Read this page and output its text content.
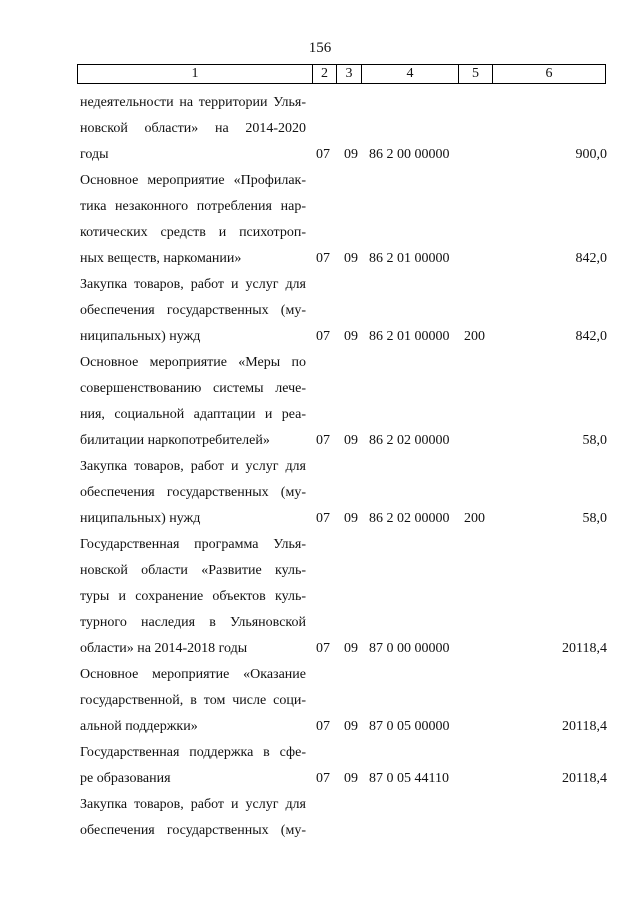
156
1	2	3	4	5	6
недеятельности на территории Улья-
новской области» на 2014-2020
годы	07 09 86 2 00 00000	900,0
Основное мероприятие «Профилак-
тика незаконного потребления нар-
котических средств и психотроп-
ных веществ, наркомании»	07 09 86 2 01 00000	842,0
Закупка товаров, работ и услуг для
обеспечения государственных (му-
ниципальных) нужд	07 09 86 2 01 00000 200	842,0
Основное мероприятие «Меры по
совершенствованию системы лече-
ния, социальной адаптации и реа-
билитации наркопотребителей»	07 09 86 2 02 00000	58,0
Закупка товаров, работ и услуг для
обеспечения государственных (му-
ниципальных) нужд	07 09 86 2 02 00000 200	58,0
Государственная программа Улья-
новской области «Развитие куль-
туры и сохранение объектов куль-
турного наследия в Ульяновской
области» на 2014-2018 годы	07 09 87 0 00 00000	20118,4
Основное мероприятие «Оказание
государственной, в том числе соци-
альной поддержки»	07 09 87 0 05 00000	20118,4
Государственная поддержка в сфе-
ре образования	07 09 87 0 05 44110	20118,4
Закупка товаров, работ и услуг для
обеспечения государственных (му-
